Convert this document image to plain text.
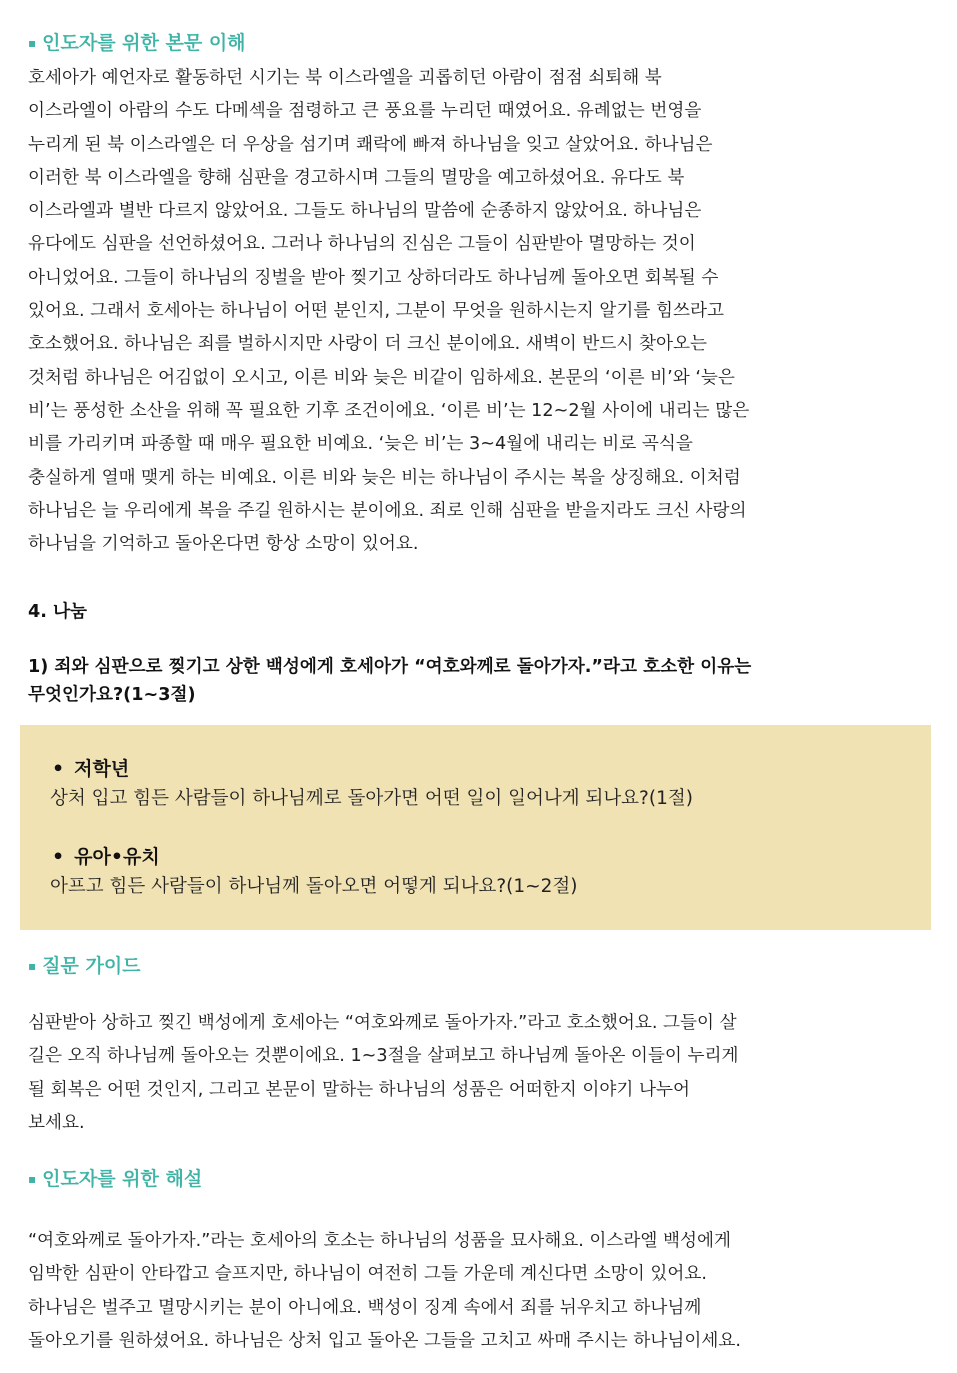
▪ 인도자를 위한 본문 이해
호세아가 예언자로 활동하던 시기는 북 이스라엘을 괴롭히던 아람이 점점 쇠퇴해 북
이스라엘이 아람의 수도 다메섹을 점령하고 큰 풍요를 누리던 때였어요. 유례없는 번영을
누리게 된 북 이스라엘은 더 우상을 섬기며 쾌락에 빠져 하나님을 잊고 살았어요. 하나님은
이러한 북 이스라엘을 향해 심판을 경고하시며 그들의 멸망을 예고하셨어요. 유다도 북
이스라엘과 별반 다르지 않았어요. 그들도 하나님의 말씀에 순종하지 않았어요. 하나님은
유다에도 심판을 선언하셨어요. 그러나 하나님의 진심은 그들이 심판받아 멸망하는 것이
아니었어요. 그들이 하나님의 징벌을 받아 찢기고 상하더라도 하나님께 돌아오면 회복될 수
있어요. 그래서 호세아는 하나님이 어떤 분인지, 그분이 무엇을 원하시는지 알기를 힘쓰라고
호소했어요. 하나님은 죄를 벌하시지만 사랑이 더 크신 분이에요. 새벽이 반드시 찾아오는
것처럼 하나님은 어김없이 오시고, 이른 비와 늦은 비같이 임하세요. 본문의 ‘이른 비’와 ‘늦은
비’는 풍성한 소산을 위해 꼭 필요한 기후 조건이에요. ‘이른 비’는 12~2월 사이에 내리는 많은
비를 가리키며 파종할 때 매우 필요한 비예요. ‘늦은 비’는 3~4월에 내리는 비로 곡식을
충실하게 열매 맺게 하는 비예요. 이른 비와 늦은 비는 하나님이 주시는 복을 상징해요. 이처럼
하나님은 늘 우리에게 복을 주길 원하시는 분이에요. 죄로 인해 심판을 받을지라도 크신 사랑의
하나님을 기억하고 돌아온다면 항상 소망이 있어요.
4. 나눔
1) 죄와 심판으로 찢기고 상한 백성에게 호세아가 “여호와께로 돌아가자.”라고 호소한 이유는
무엇인가요?(1~3절)
• 저학년
상처 입고 힘든 사람들이 하나님께로 돌아가면 어떤 일이 일어나게 되나요?(1절)
• 유아•유치
아프고 힘든 사람들이 하나님께 돌아오면 어떻게 되나요?(1~2절)
▪ 질문 가이드
심판받아 상하고 찢긴 백성에게 호세아는 “여호와께로 돌아가자.”라고 호소했어요. 그들이 살
길은 오직 하나님께 돌아오는 것뿐이에요. 1~3절을 살펴보고 하나님께 돌아온 이들이 누리게
될 회복은 어떤 것인지, 그리고 본문이 말하는 하나님의 성품은 어떠한지 이야기 나누어
보세요.
▪ 인도자를 위한 해설
“여호와께로 돌아가자.”라는 호세아의 호소는 하나님의 성품을 묘사해요. 이스라엘 백성에게
임박한 심판이 안타깝고 슬프지만, 하나님이 여전히 그들 가운데 계신다면 소망이 있어요.
하나님은 벌주고 멸망시키는 분이 아니에요. 백성이 징계 속에서 죄를 뉘우치고 하나님께
돌아오기를 원하셨어요. 하나님은 상처 입고 돌아온 그들을 고치고 싸매 주시는 하나님이세요.
